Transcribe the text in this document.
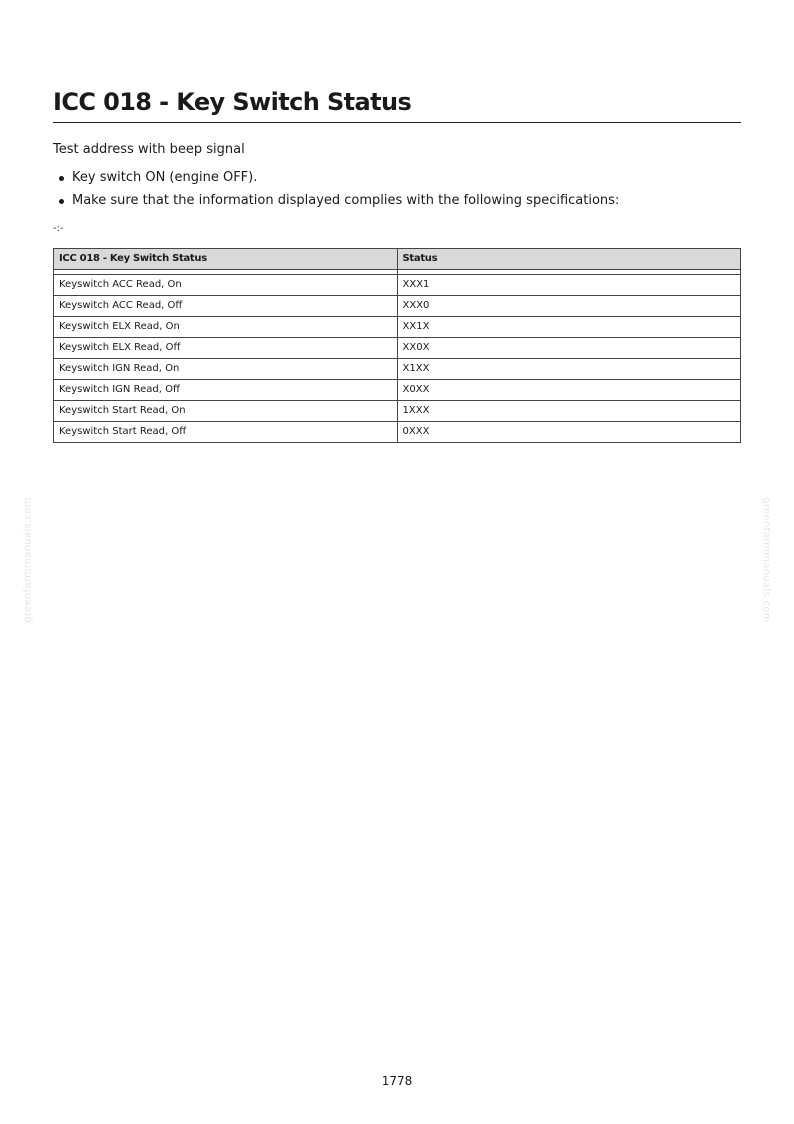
ICC 018 - Key Switch Status
Test address with beep signal
Key switch ON (engine OFF).
Make sure that the information displayed complies with the following specifications:
-:-
ICC 018 - Key Switch Status	Status

Keyswitch ACC Read, On	XXX1
Keyswitch ACC Read, Off	XXX0
Keyswitch ELX Read, On	XX1X
Keyswitch ELX Read, Off	XX0X
Keyswitch IGN Read, On	X1XX
Keyswitch IGN Read, Off	X0XX
Keyswitch Start Read, On	1XXX
Keyswitch Start Read, Off	0XXX
greenfarmmanuals.com	greenfarmmanuals.com
1778
